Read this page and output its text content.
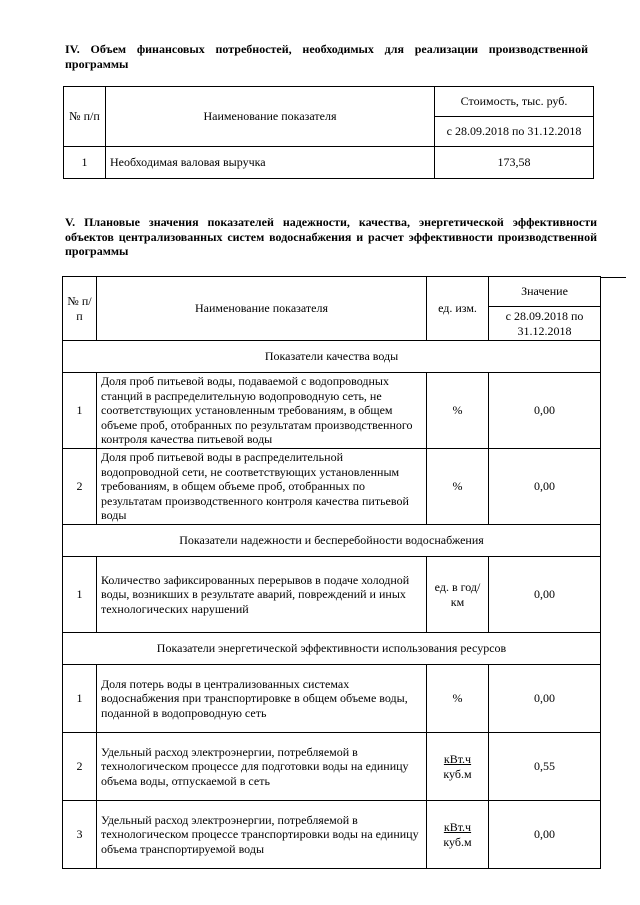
IV. Объем финансовых потребностей, необходимых для реализации производственной программы
№ п/п	Наименование показателя	Стоимость, тыс. руб.
		с 28.09.2018 по 31.12.2018
1	Необходимая валовая выручка	173,58
V. Плановые значения показателей надежности, качества, энергетической эффективности объектов централизованных систем водоснабжения и расчет эффективности производственной программы
№ п/п	Наименование показателя	ед. изм.	Значение
			с 28.09.2018 по 31.12.2018
Показатели качества воды			
1	Доля проб питьевой воды, подаваемой с водопроводных станций в распределительную водопроводную сеть, не соответствующих установленным требованиям, в общем объеме проб, отобранных по результатам производственного контроля качества питьевой воды	%	0,00
2	Доля проб питьевой воды в распределительной водопроводной сети, не соответствующих установленным требованиям, в общем объеме проб, отобранных по результатам производственного контроля качества питьевой воды	%	0,00
Показатели надежности и бесперебойности водоснабжения			
1	Количество зафиксированных перерывов в подаче холодной воды, возникших в результате аварий, повреждений и иных технологических нарушений	ед. в год/ км	0,00
Показатели энергетической эффективности использования ресурсов			
1	Доля потерь воды в централизованных системах водоснабжения при транспортировке в общем объеме воды, поданной в водопроводную сеть	%	0,00
2	Удельный расход электроэнергии, потребляемой в технологическом процессе для подготовки воды на единицу объема воды, отпускаемой в сеть	$\frac{\text{кВт.ч}}{\text{куб.м}}$	0,55
3	Удельный расход электроэнергии, потребляемой в технологическом процессе транспортировки воды на единицу объема транспортируемой воды	$\frac{\text{кВт.ч}}{\text{куб.м}}$	0,00
